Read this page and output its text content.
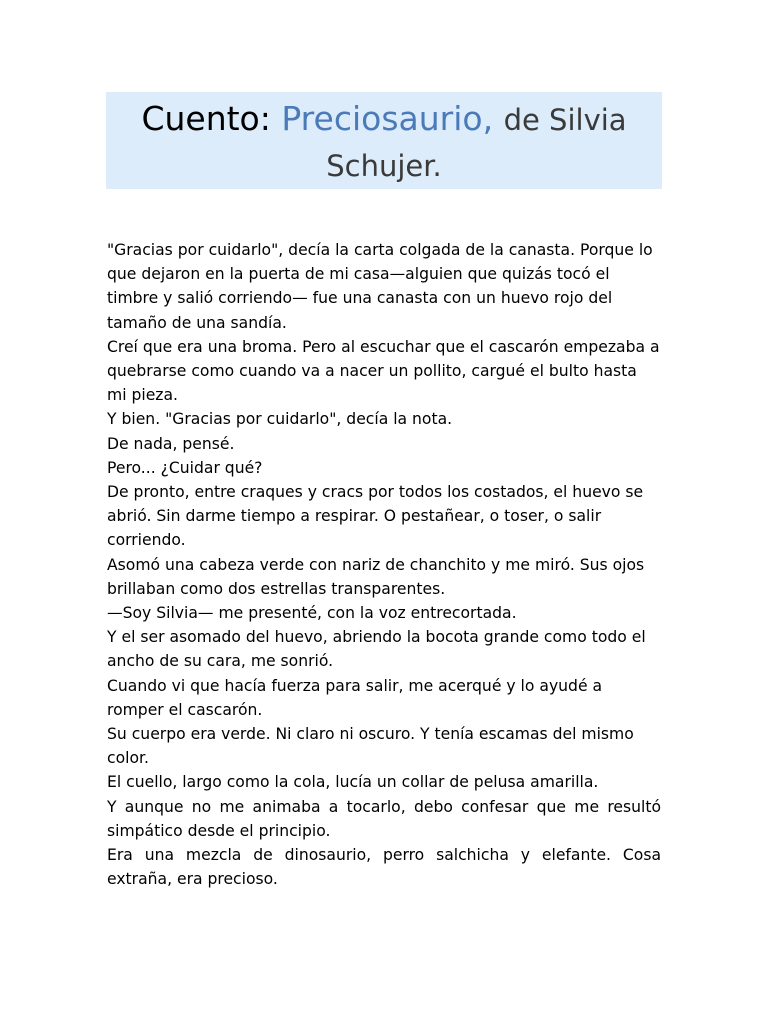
Cuento: Preciosaurio, de Silvia
Schujer.

"Gracias por cuidarlo", decía la carta colgada de la canasta. Porque lo que dejaron en la puerta de mi casa—alguien que quizás tocó el timbre y salió corriendo— fue una canasta con un huevo rojo del tamaño de una sandía.

Creí que era una broma. Pero al escuchar que el cascarón empezaba a quebrarse como cuando va a nacer un pollito, cargué el bulto hasta mi pieza.

Y bien. "Gracias por cuidarlo", decía la nota.

De nada, pensé.

Pero... ¿Cuidar qué?

De pronto, entre craques y cracs por todos los costados, el huevo se abrió. Sin darme tiempo a respirar. O pestañear, o toser, o salir corriendo.

Asomó una cabeza verde con nariz de chanchito y me miró. Sus ojos brillaban como dos estrellas transparentes.

—Soy Silvia— me presenté, con la voz entrecortada.

Y el ser asomado del huevo, abriendo la bocota grande como todo el ancho de su cara, me sonrió.

Cuando vi que hacía fuerza para salir, me acerqué y lo ayudé a romper el cascarón.

Su cuerpo era verde. Ni claro ni oscuro. Y tenía escamas del mismo color.

El cuello, largo como la cola, lucía un collar de pelusa amarilla.

Y aunque no me animaba a tocarlo, debo confesar que me resultó simpático desde el principio.

Era una mezcla de dinosaurio, perro salchicha y elefante. Cosa extraña, era precioso.
